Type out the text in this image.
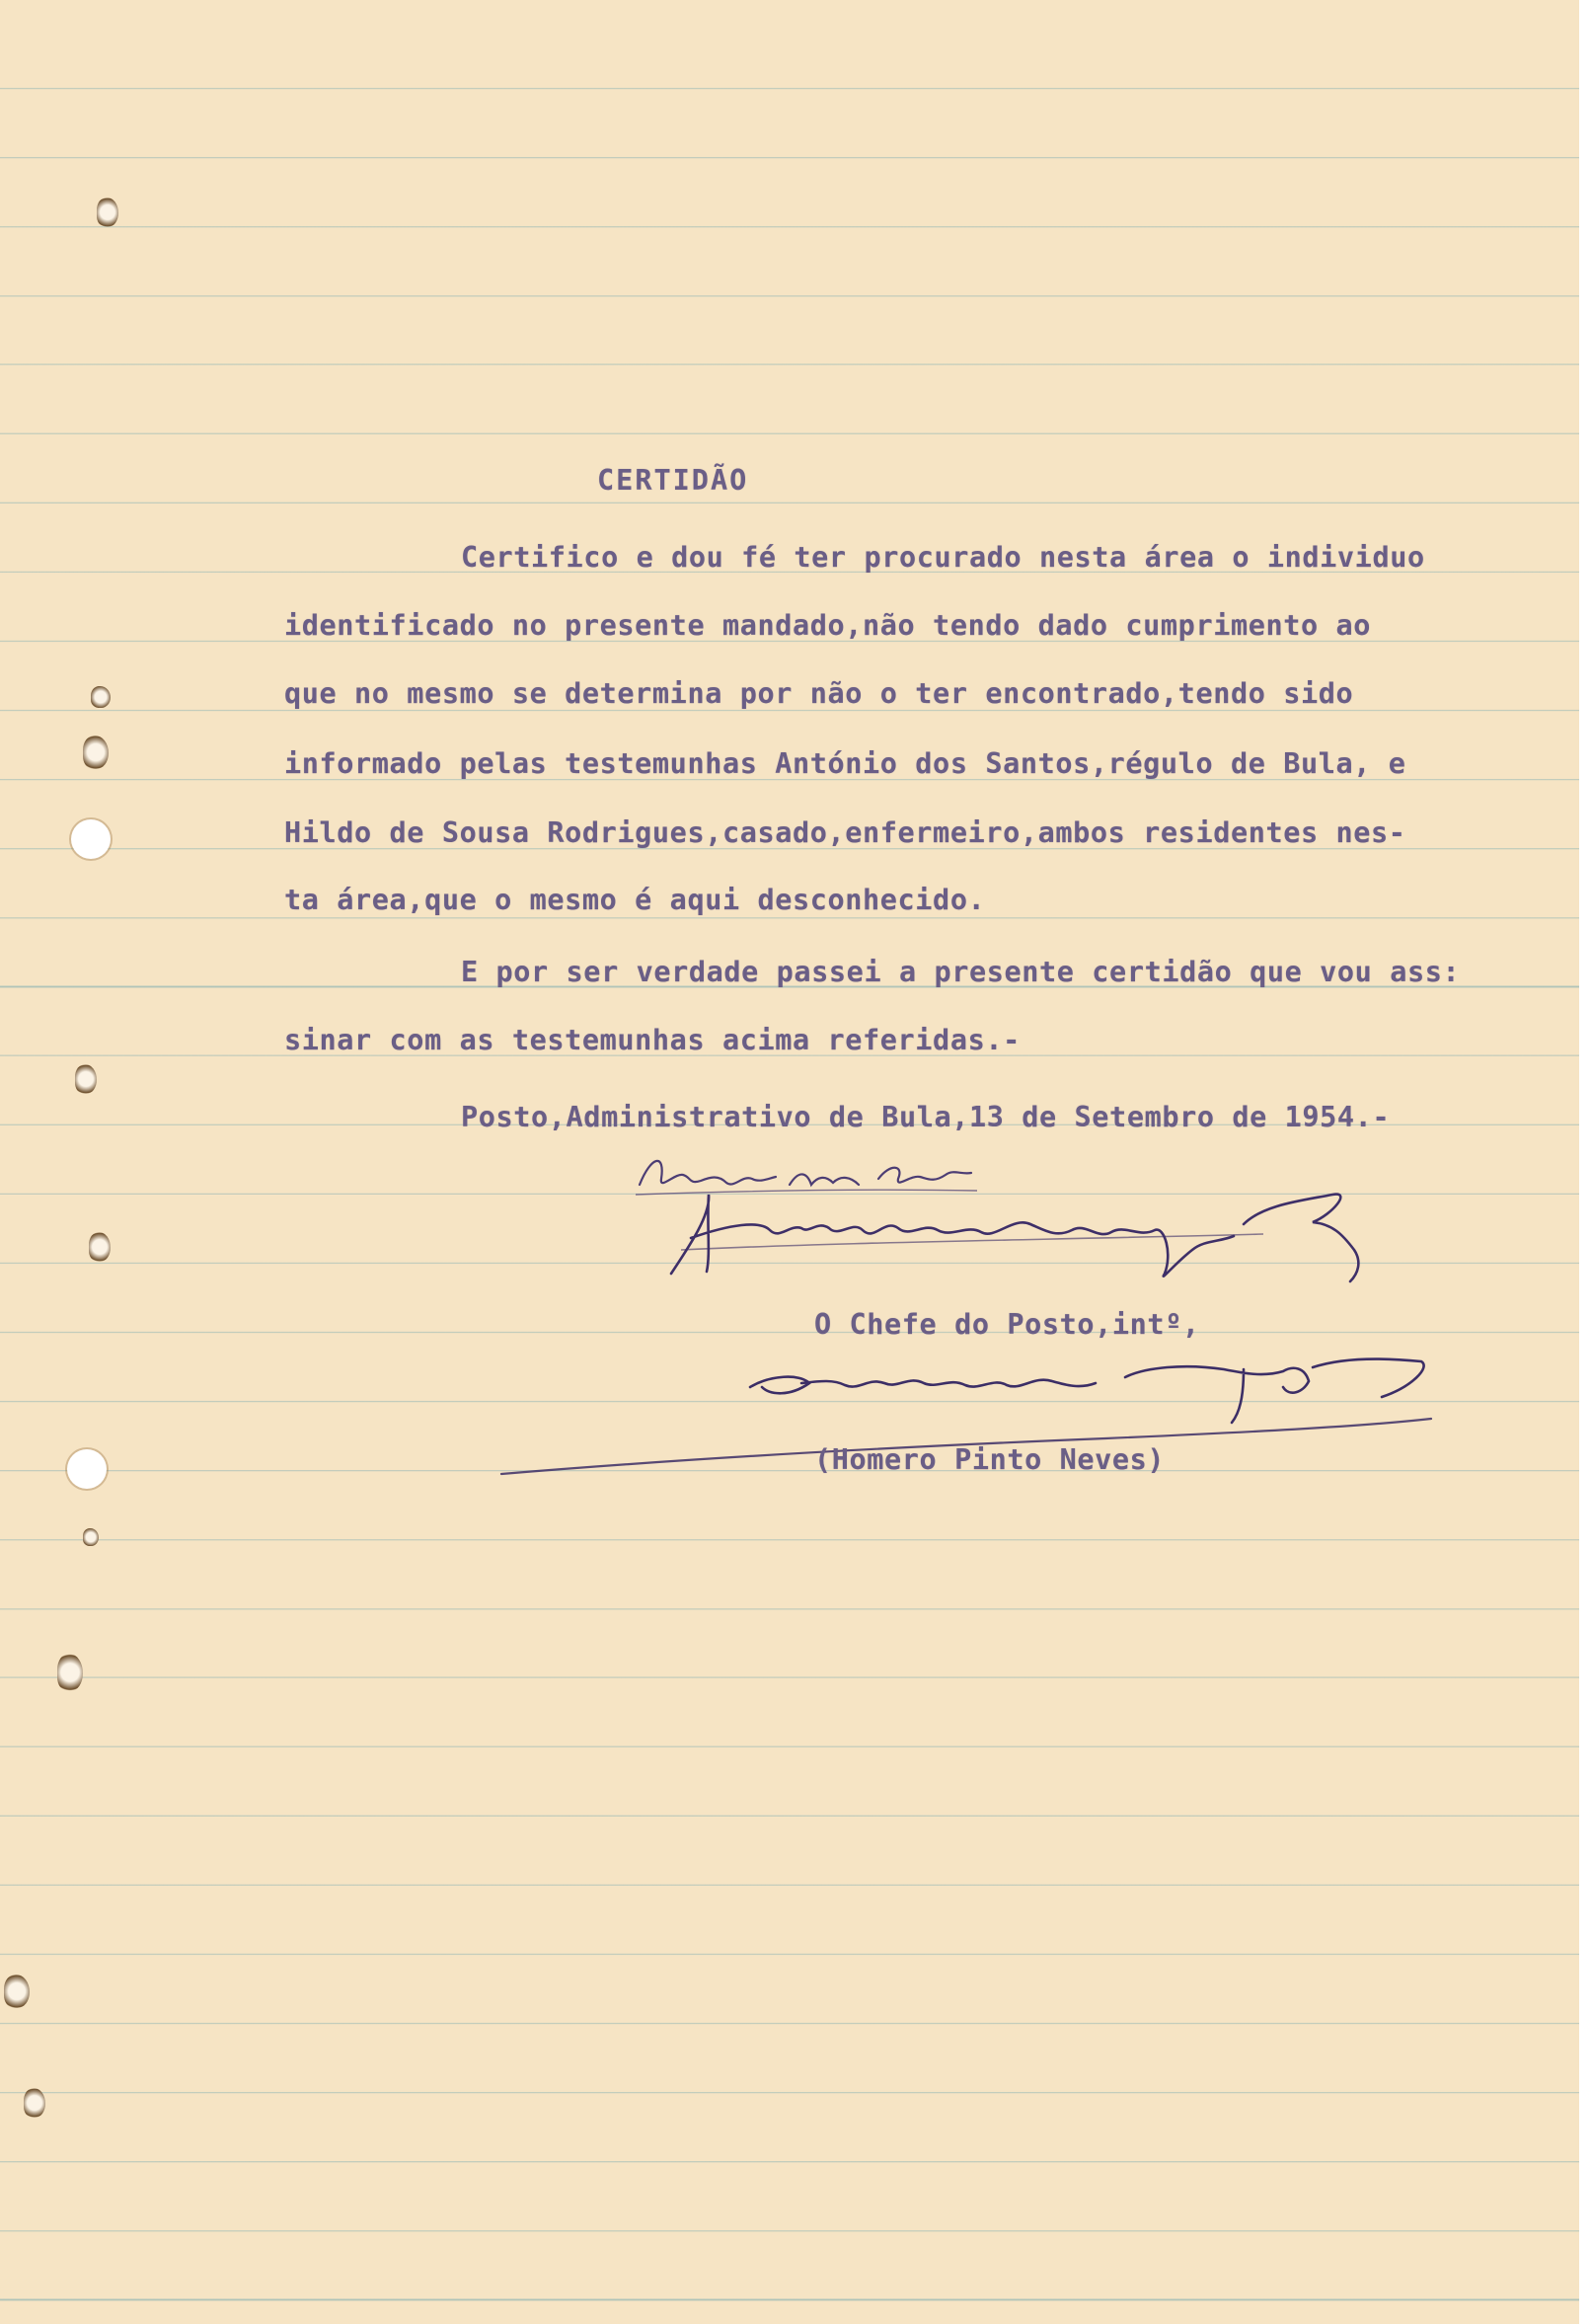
CERTIDÃO
Certifico e dou fé ter procurado nesta área o individuo
identificado no presente mandado,não tendo dado cumprimento ao
que no mesmo se determina por não o ter encontrado,tendo sido
informado pelas testemunhas António dos Santos,régulo de Bula, e
Hildo de Sousa Rodrigues,casado,enfermeiro,ambos residentes nes-
ta área,que o mesmo é aqui desconhecido.
E por ser verdade passei a presente certidão que vou ass:
sinar com as testemunhas acima referidas.-
Posto,Administrativo de Bula,13 de Setembro de 1954.-
O Chefe do Posto,intº,
(Homero Pinto Neves)
